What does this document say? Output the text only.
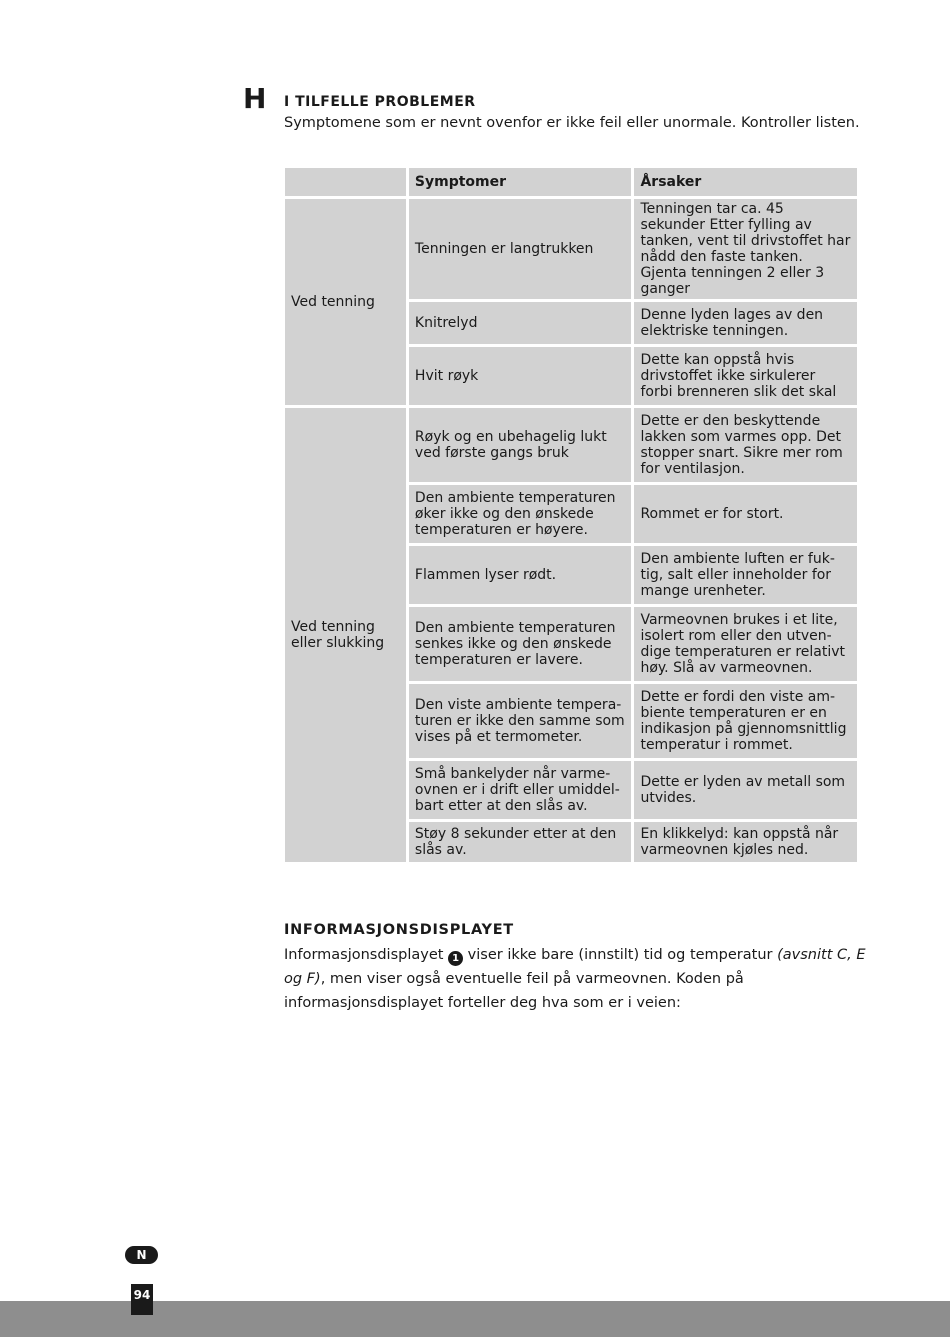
H I TILFELLE PROBLEMER
Symptomene som er nevnt ovenfor er ikke feil eller unormale. Kontroller listen.
	Symptomer	Årsaker
Ved tenning	Tenningen er langtrukken	Tenningen tar ca. 45 sekunder Etter fylling av tanken, vent til drivstoffet har nådd den faste tanken. Gjenta tenningen 2 eller 3 ganger
	Knitrelyd	Denne lyden lages av den elektriske tenningen.
	Hvit røyk	Dette kan oppstå hvis drivstoffet ikke sirkulerer forbi brenneren slik det skal
Ved tenning eller slukking	Røyk og en ubehagelig lukt ved første gangs bruk	Dette er den beskyttende lakken som varmes opp. Det stopper snart. Sikre mer rom for ventilasjon.
	Den ambiente temperaturen øker ikke og den ønskede temperaturen er høyere.	Rommet er for stort.
	Flammen lyser rødt.	Den ambiente luften er fuktig, salt eller inneholder for mange urenheter.
	Den ambiente temperaturen senkes ikke og den ønskede temperaturen er lavere.	Varmeovnen brukes i et lite, isolert rom eller den utvendige temperaturen er relativt høy. Slå av varmeovnen.
	Den viste ambiente temperaturen er ikke den samme som vises på et termometer.	Dette er fordi den viste ambiente temperaturen er en indikasjon på gjennomsnittlig temperatur i rommet.
	Små bankelyder når varmeovnen er i drift eller umiddelbart etter at den slås av.	Dette er lyden av metall som utvides.
	Støy 8 sekunder etter at den slås av.	En klikkelyd: kan oppstå når varmeovnen kjøles ned.
INFORMASJONSDISPLAYET
Informasjonsdisplayet 1 viser ikke bare (innstilt) tid og temperatur (avsnitt C, E og F), men viser også eventuelle feil på varmeovnen. Koden på informasjonsdisplayet forteller deg hva som er i veien:
N
94
